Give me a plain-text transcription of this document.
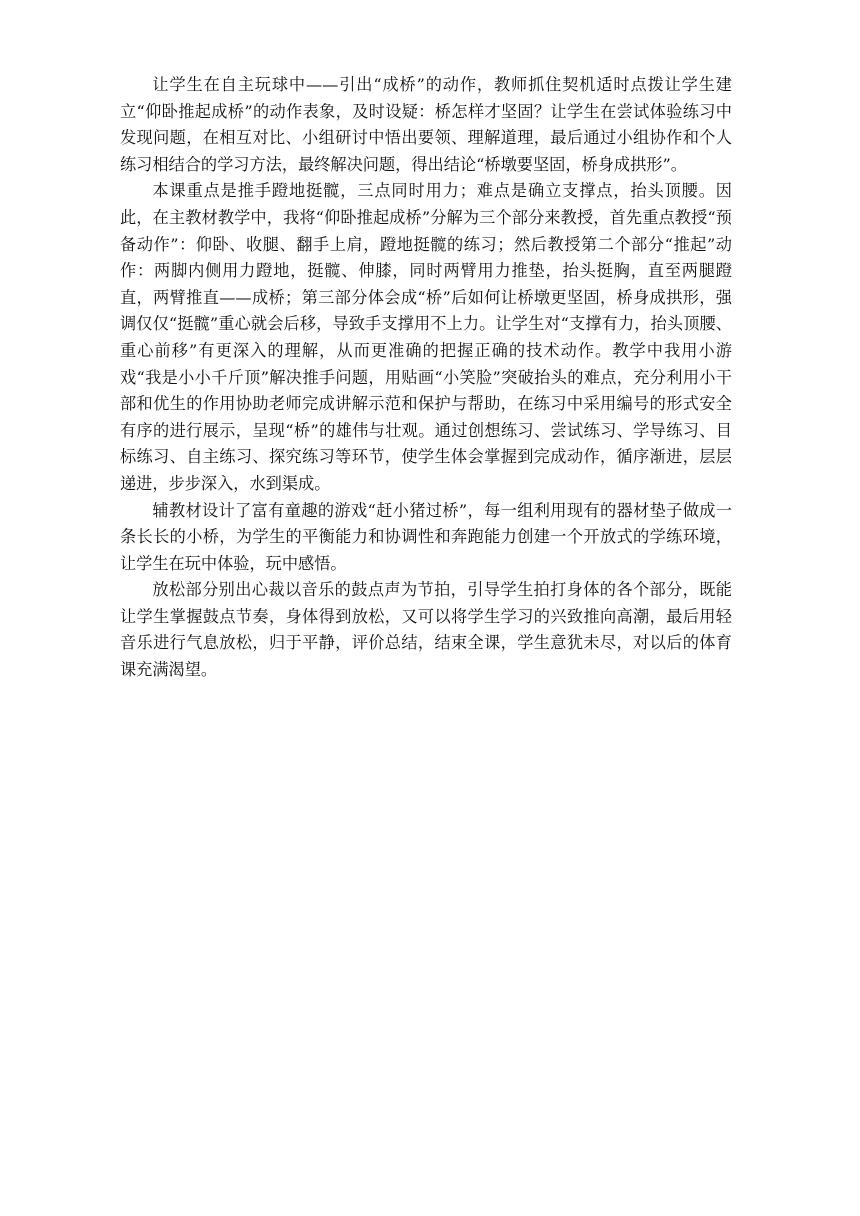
让学生在自主玩球中——引出“成桥”的动作，教师抓住契机适时点拨让学生建立“仰卧推起成桥”的动作表象，及时设疑：桥怎样才坚固？让学生在尝试体验练习中发现问题，在相互对比、小组研讨中悟出要领、理解道理，最后通过小组协作和个人练习相结合的学习方法，最终解决问题，得出结论“桥墩要坚固，桥身成拱形”。

本课重点是推手蹬地挺髋，三点同时用力；难点是确立支撑点，抬头顶腰。因此，在主教材教学中，我将“仰卧推起成桥”分解为三个部分来教授，首先重点教授“预备动作”：仰卧、收腿、翻手上肩，蹬地挺髋的练习；然后教授第二个部分“推起”动作：两脚内侧用力蹬地，挺髋、伸膝，同时两臂用力推垫，抬头挺胸，直至两腿蹬直，两臂推直——成桥；第三部分体会成“桥”后如何让桥墩更坚固，桥身成拱形，强调仅仅“挺髋”重心就会后移，导致手支撑用不上力。让学生对“支撑有力，抬头顶腰、重心前移”有更深入的理解，从而更准确的把握正确的技术动作。教学中我用小游戏“我是小小千斤顶”解决推手问题，用贴画“小笑脸”突破抬头的难点，充分利用小干部和优生的作用协助老师完成讲解示范和保护与帮助，在练习中采用编号的形式安全有序的进行展示，呈现“桥”的雄伟与壮观。通过创想练习、尝试练习、学导练习、目标练习、自主练习、探究练习等环节，使学生体会掌握到完成动作，循序渐进，层层递进，步步深入，水到渠成。

辅教材设计了富有童趣的游戏“赶小猪过桥”，每一组利用现有的器材垫子做成一条长长的小桥，为学生的平衡能力和协调性和奔跑能力创建一个开放式的学练环境，让学生在玩中体验，玩中感悟。

放松部分别出心裁以音乐的鼓点声为节拍，引导学生拍打身体的各个部分，既能让学生掌握鼓点节奏，身体得到放松，又可以将学生学习的兴致推向高潮，最后用轻音乐进行气息放松，归于平静，评价总结，结束全课，学生意犹未尽，对以后的体育课充满渴望。
